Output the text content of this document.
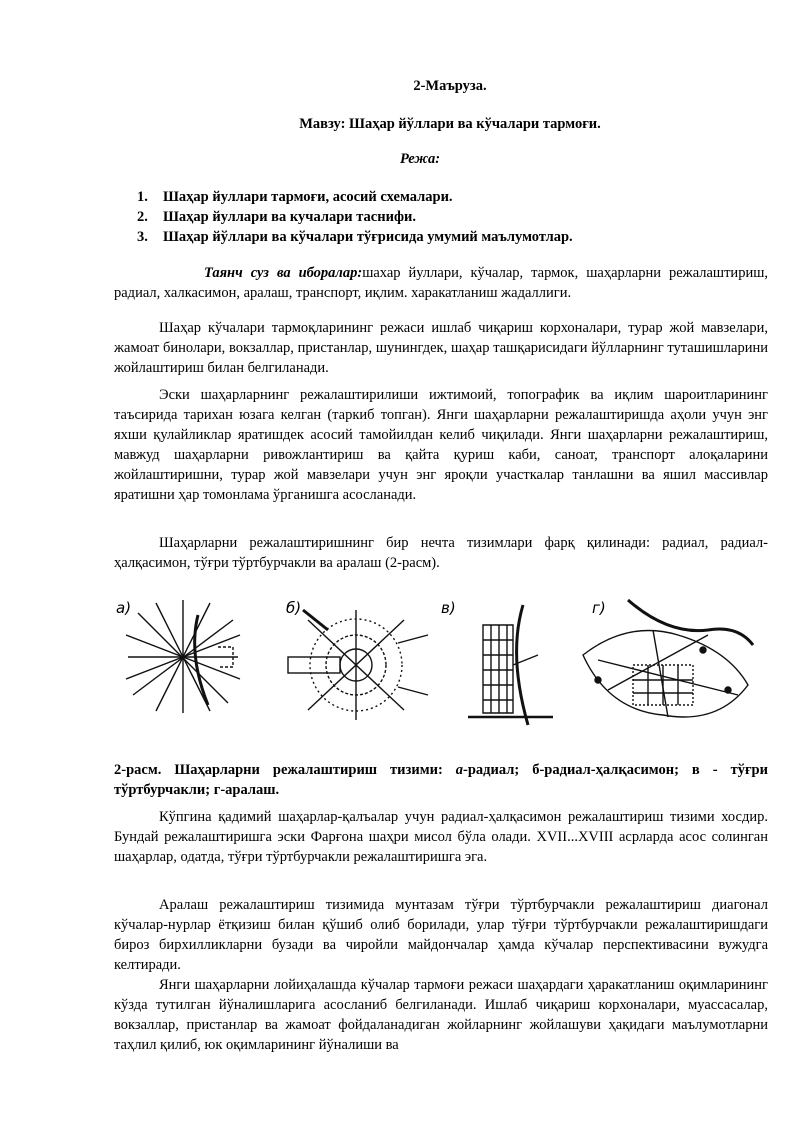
2-Маъруза.
Мавзу: Шаҳар йўллари ва кўчалари тармоғи.
Режа:
1. Шаҳар йуллари тармоғи, асосий схемалари.
2. Шаҳар йуллари ва кучалари таснифи.
3. Шаҳар йўллари ва кўчалари тўғрисида умумий маълумотлар.

Таянч суз ва иборалар:шахар йуллари, кўчалар, тармок, шаҳарларни режалаштириш, радиал, халкасимон, аралаш, транспорт, иқлим. харакатланиш жадаллиги.

Шаҳар кўчалари тармоқларининг режаси ишлаб чиқариш корхоналари, турар жой мавзелари, жамоат бинолари, вокзаллар, пристанлар, шунингдек, шаҳар ташқарисидаги йўлларнинг туташишларини жойлаштириш билан белгиланади.

Эски шаҳарларнинг режалаштирилиши ижтимоий, топографик ва иқлим шароитларининг таъсирида тарихан юзага келган (таркиб топган). Янги шаҳарларни режалаштиришда аҳоли учун энг яхши қулайликлар яратишдек асосий тамойилдан келиб чиқилади. Янги шаҳарларни режалаштириш, мавжуд шаҳарларни ривожлантириш ва қайта қуриш каби, саноат, транспорт алоқаларини жойлаштиришни, турар жой мавзелари учун энг яроқли участкалар танлашни ва яшил массивлар яратишни ҳар томонлама ўрганишга асосланади.

Шаҳарларни режалаштиришнинг бир нечта тизимлари фарқ қилинади: радиал, радиал-ҳалқасимон, тўғри тўртбурчакли ва аралаш (2-расм).

а)	б)	в)	г)

2-расм. Шаҳарларни режалаштириш тизими: а-радиал; б-радиал-ҳалқасимон; в - тўғри тўртбурчакли; г-аралаш.

Кўпгина қадимий шаҳарлар-қалъалар учун радиал-ҳалқасимон режалаштириш тизими хосдир. Бундай режалаштиришга эски Фарғона шаҳри мисол бўла олади. XVII...XVIII асрларда асос солинган шаҳарлар, одатда, тўғри тўртбурчакли режалаштиришга эга.

Аралаш режалаштириш тизимида мунтазам тўғри тўртбурчакли режалаштириш диагонал кўчалар-нурлар ётқизиш билан қўшиб олиб борилади, улар тўғри тўртбурчакли режалаштиришдаги бироз бирхилликларни бузади ва чиройли майдончалар ҳамда кўчалар перспективасини вужудга келтиради.

Янги шаҳарларни лойиҳалашда кўчалар тармоғи режаси шаҳардаги ҳаракатланиш оқимларининг кўзда тутилган йўналишларига асосланиб белгиланади. Ишлаб чиқариш корхоналари, муассасалар, вокзаллар, пристанлар ва жамоат фойдаланадиган жойларнинг жойлашуви ҳақидаги маълумотларни таҳлил қилиб, юк оқимларининг йўналиши ва
